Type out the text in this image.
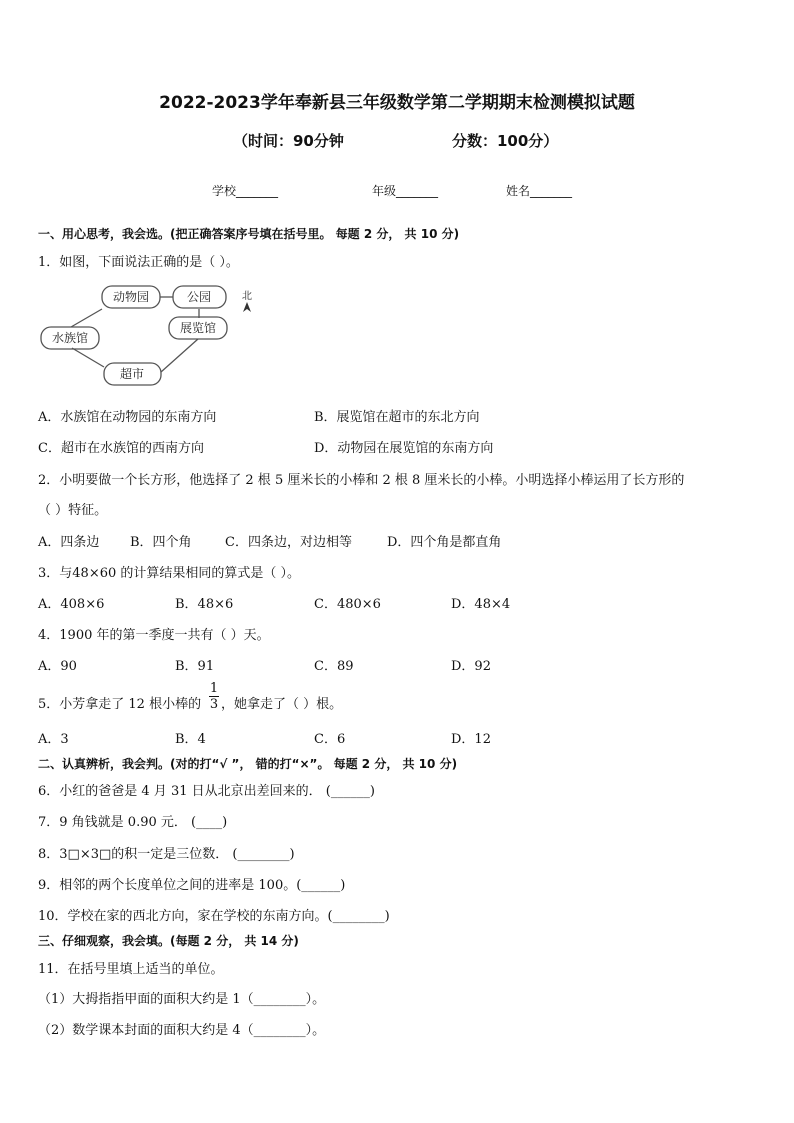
2022-2023学年奉新县三年级数学第二学期期末检测模拟试题
（时间：90分钟	分数：100分）
学校_______	年级_______	姓名_______
一、用心思考，我会选。(把正确答案序号填在括号里。 每题 2 分， 共 10 分)
1．如图，下面说法正确的是（ ）。
动物园	公园
水族馆
展览馆
超市
北
A．水族馆在动物园的东南方向	B．展览馆在超市的东北方向
C．超市在水族馆的西南方向	D．动物园在展览馆的东南方向
2．小明要做一个长方形，他选择了 2 根 5 厘米长的小棒和 2 根 8 厘米长的小棒。小明选择小棒运用了长方形的
（ ）特征。
A．四条边 B．四个角	C．四条边，对边相等	D．四个角是都直角
3．与48×60 的计算结果相同的算式是（ ）。
A．408×6	B．48×6	C．480×6	D．48×4
4．1900 年的第一季度一共有（ ）天。
A．90	B．91	C．89	D．92
5．小芳拿走了 12 根小棒的 $\frac{1}{3}$ ，她拿走了（ ）根。
A．3	B．4	C．6	D．12
二、认真辨析，我会判。(对的打“√ ”， 错的打“×”。 每题 2 分， 共 10 分)
6．小红的爸爸是 4 月 31 日从北京出差回来的． (______)
7．9 角钱就是 0.90 元． (____)
8．3□×3□的积一定是三位数． (________)
9．相邻的两个长度单位之间的进率是 100。(______)
10．学校在家的西北方向，家在学校的东南方向。(________)
三、仔细观察，我会填。(每题 2 分， 共 14 分)
11．在括号里填上适当的单位。
（1）大拇指指甲面的面积大约是 1（________）。
（2）数学课本封面的面积大约是 4（________）。
